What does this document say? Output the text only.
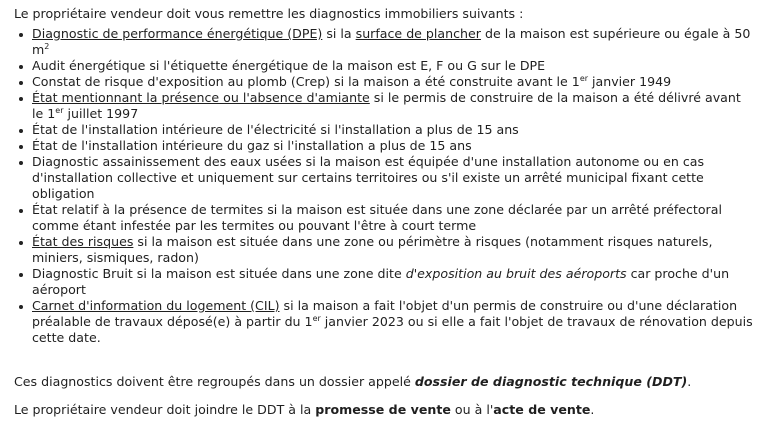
Le propriétaire vendeur doit vous remettre les diagnostics immobiliers suivants :

Diagnostic de performance énergétique (DPE) si la surface de plancher de la maison est supérieure ou égale à 50 $m^2$
Audit énergétique si l'étiquette énergétique de la maison est E, F ou G sur le DPE
Constat de risque d'exposition au plomb (Crep) si la maison a été construite avant le 1er janvier 1949
État mentionnant la présence ou l'absence d'amiante si le permis de construire de la maison a été délivré avant le 1er juillet 1997
État de l'installation intérieure de l'électricité si l'installation a plus de 15 ans
État de l'installation intérieure du gaz si l'installation a plus de 15 ans
Diagnostic assainissement des eaux usées si la maison est équipée d'une installation autonome ou en cas d'installation collective et uniquement sur certains territoires ou s'il existe un arrêté municipal fixant cette obligation
État relatif à la présence de termites si la maison est située dans une zone déclarée par un arrêté préfectoral comme étant infestée par les termites ou pouvant l'être à court terme
État des risques si la maison est située dans une zone ou périmètre à risques (notamment risques naturels, miniers, sismiques, radon)
Diagnostic Bruit si la maison est située dans une zone dite d'exposition au bruit des aéroports car proche d'un aéroport
Carnet d'information du logement (CIL) si la maison a fait l'objet d'un permis de construire ou d'une déclaration préalable de travaux déposé(e) à partir du 1er janvier 2023 ou si elle a fait l'objet de travaux de rénovation depuis cette date.

Ces diagnostics doivent être regroupés dans un dossier appelé dossier de diagnostic technique (DDT).

Le propriétaire vendeur doit joindre le DDT à la promesse de vente ou à l'acte de vente.
